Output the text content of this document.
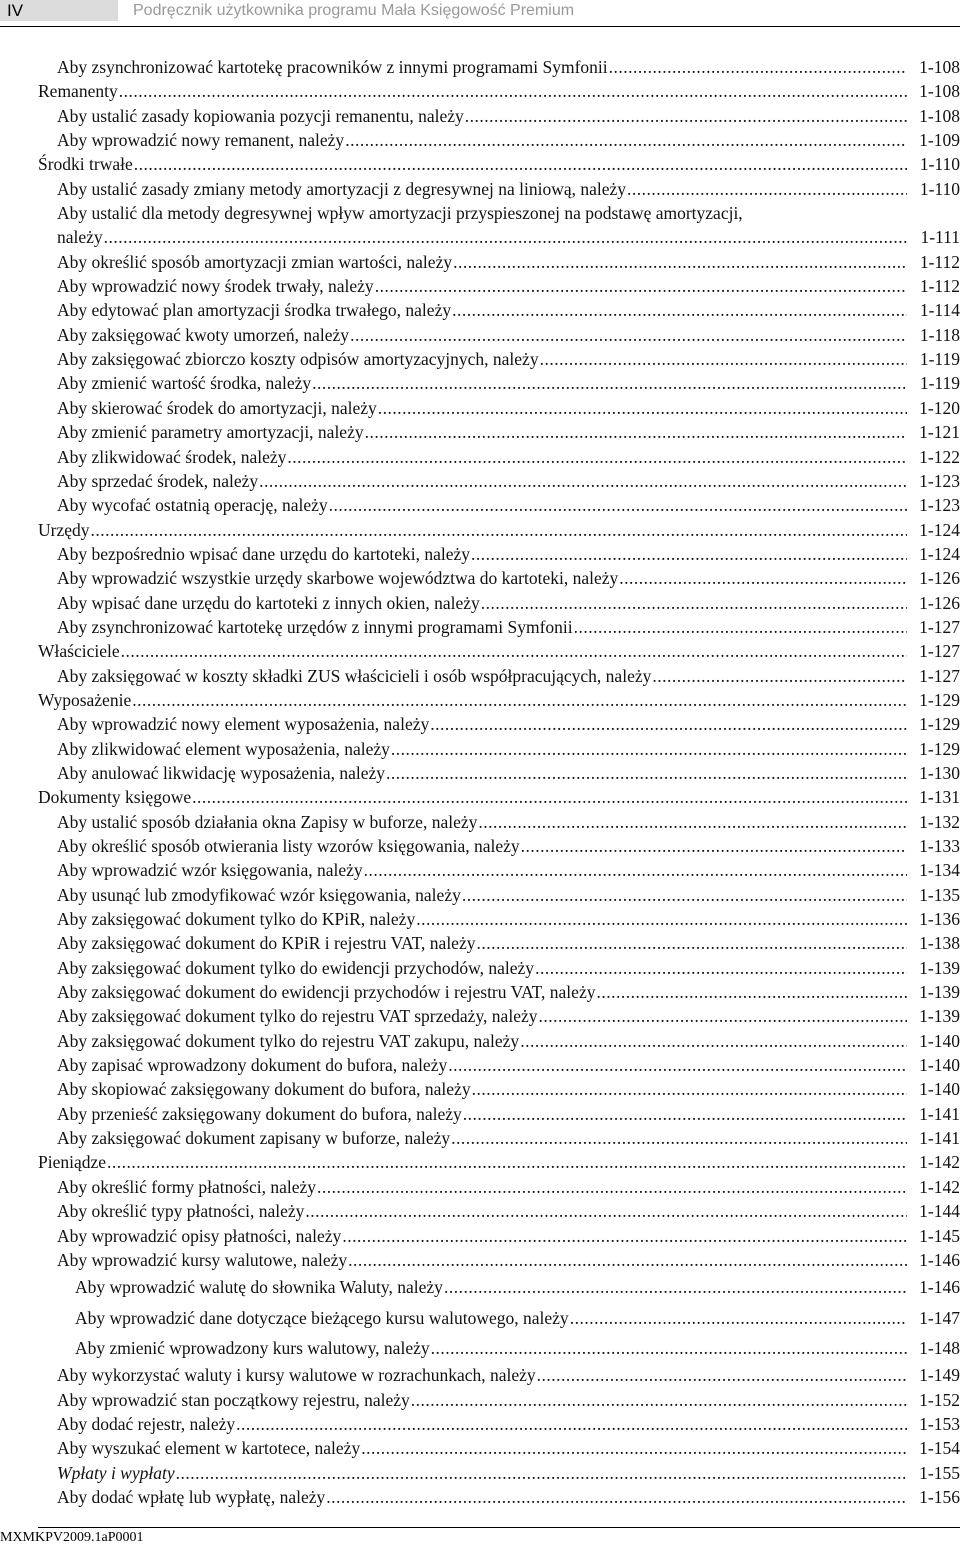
IV	Podręcznik użytkownika programu Mała Księgowość Premium
Aby zsynchronizować kartotekę pracowników z innymi programami Symfonii .....	1-108
Remanenty .....	1-108
Aby ustalić zasady kopiowania pozycji remanentu, należy .....	1-108
Aby wprowadzić nowy remanent, należy .....	1-109
Środki trwałe .....	1-110
Aby ustalić zasady zmiany metody amortyzacji z degresywnej na liniową, należy .....	1-110
Aby ustalić dla metody degresywnej wpływ amortyzacji przyspieszonej na podstawę amortyzacji,
należy .....	1-111
Aby określić sposób amortyzacji zmian wartości, należy .....	1-112
Aby wprowadzić nowy środek trwały, należy .....	1-112
Aby edytować plan amortyzacji środka trwałego, należy .....	1-114
Aby zaksięgować kwoty umorzeń, należy .....	1-118
Aby zaksięgować zbiorczo koszty odpisów amortyzacyjnych, należy .....	1-119
Aby zmienić wartość środka, należy .....	1-119
Aby skierować środek do amortyzacji, należy .....	1-120
Aby zmienić parametry amortyzacji, należy .....	1-121
Aby zlikwidować środek, należy .....	1-122
Aby sprzedać środek, należy .....	1-123
Aby wycofać ostatnią operację, należy .....	1-123
Urzędy .....	1-124
Aby bezpośrednio wpisać dane urzędu do kartoteki, należy .....	1-124
Aby wprowadzić wszystkie urzędy skarbowe województwa do kartoteki, należy .....	1-126
Aby wpisać dane urzędu do kartoteki z innych okien, należy .....	1-126
Aby zsynchronizować kartotekę urzędów z innymi programami Symfonii .....	1-127
Właściciele .....	1-127
Aby zaksięgować w koszty składki ZUS właścicieli i osób współpracujących, należy .....	1-127
Wyposażenie .....	1-129
Aby wprowadzić nowy element wyposażenia, należy .....	1-129
Aby zlikwidować element wyposażenia, należy .....	1-129
Aby anulować likwidację wyposażenia, należy .....	1-130
Dokumenty księgowe .....	1-131
Aby ustalić sposób działania okna Zapisy w buforze, należy .....	1-132
Aby określić sposób otwierania listy wzorów księgowania, należy .....	1-133
Aby wprowadzić wzór księgowania, należy .....	1-134
Aby usunąć lub zmodyfikować wzór księgowania, należy .....	1-135
Aby zaksięgować dokument tylko do KPiR, należy .....	1-136
Aby zaksięgować dokument do KPiR i rejestru VAT, należy .....	1-138
Aby zaksięgować dokument tylko do ewidencji przychodów, należy .....	1-139
Aby zaksięgować dokument do ewidencji przychodów i rejestru VAT, należy .....	1-139
Aby zaksięgować dokument tylko do rejestru VAT sprzedaży, należy .....	1-139
Aby zaksięgować dokument tylko do rejestru VAT zakupu, należy .....	1-140
Aby zapisać wprowadzony dokument do bufora, należy .....	1-140
Aby skopiować zaksięgowany dokument do bufora, należy .....	1-140
Aby przenieść zaksięgowany dokument do bufora, należy .....	1-141
Aby zaksięgować dokument zapisany w buforze, należy .....	1-141
Pieniądze .....	1-142
Aby określić formy płatności, należy .....	1-142
Aby określić typy płatności, należy .....	1-144
Aby wprowadzić opisy płatności, należy .....	1-145
Aby wprowadzić kursy walutowe, należy .....	1-146
Aby wprowadzić walutę do słownika Waluty, należy .....	1-146
Aby wprowadzić dane dotyczące bieżącego kursu walutowego, należy .....	1-147
Aby zmienić wprowadzony kurs walutowy, należy .....	1-148
Aby wykorzystać waluty i kursy walutowe w rozrachunkach, należy .....	1-149
Aby wprowadzić stan początkowy rejestru, należy .....	1-152
Aby dodać rejestr, należy .....	1-153
Aby wyszukać element w kartotece, należy .....	1-154
Wpłaty i wypłaty .....	1-155
Aby dodać wpłatę lub wypłatę, należy .....	1-156
MXMKPV2009.1aP0001
